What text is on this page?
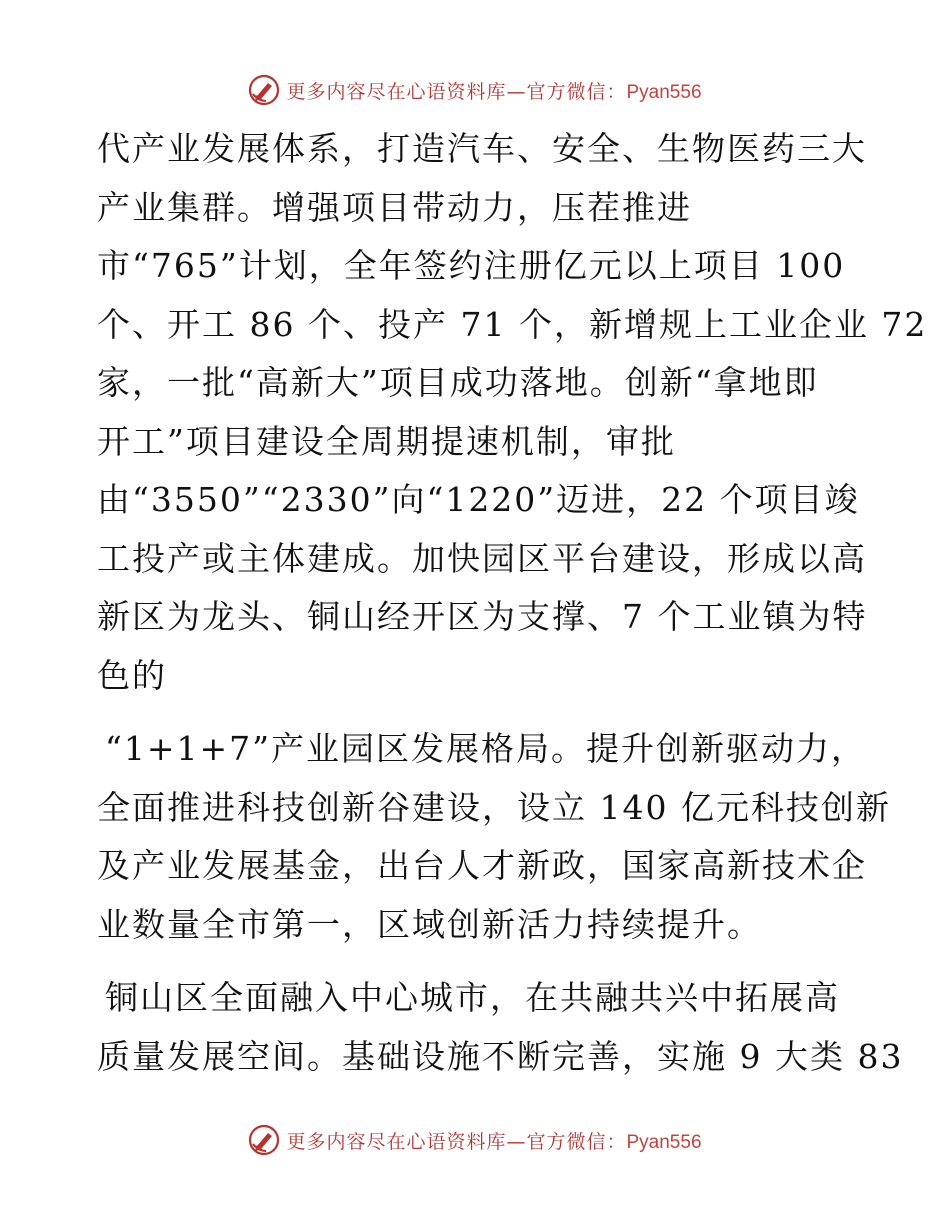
更多内容尽在心语资料库—官方微信：Pyan556
代产业发展体系，打造汽车、安全、生物医药三大
产业集群。增强项目带动力，压茬推进
市“765”计划，全年签约注册亿元以上项目 100
个、开工 86 个、投产 71 个，新增规上工业企业 72
家，一批“高新大”项目成功落地。创新“拿地即
开工”项目建设全周期提速机制，审批
由“3550”“2330”向“1220”迈进，22 个项目竣
工投产或主体建成。加快园区平台建设，形成以高
新区为龙头、铜山经开区为支撑、7 个工业镇为特
色的
“1+1+7”产业园区发展格局。提升创新驱动力，
全面推进科技创新谷建设，设立 140 亿元科技创新
及产业发展基金，出台人才新政，国家高新技术企
业数量全市第一，区域创新活力持续提升。
铜山区全面融入中心城市，在共融共兴中拓展高
质量发展空间。基础设施不断完善，实施 9 大类 83
更多内容尽在心语资料库—官方微信：Pyan556
